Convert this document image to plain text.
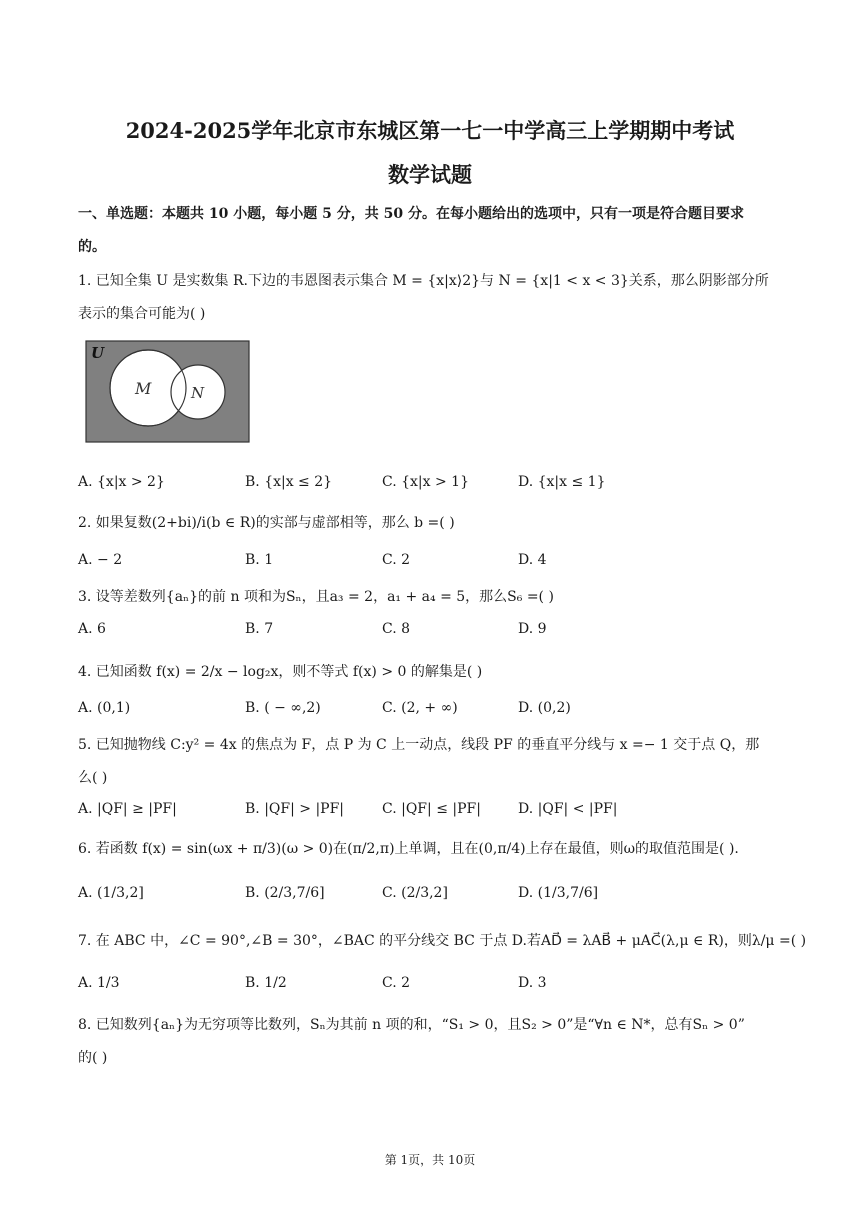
2024-2025学年北京市东城区第一七一中学高三上学期期中考试
数学试题
一、单选题：本题共 10 小题，每小题 5 分，共 50 分。在每小题给出的选项中，只有一项是符合题目要求
的。
1. 已知全集 U 是实数集 R.下边的韦恩图表示集合 M = {x|x⟩2}与 N = {x|1 < x < 3}关系，那么阴影部分所
表示的集合可能为( )
U
M	N
A. {x|x > 2}	B. {x|x ≤ 2}	C. {x|x > 1}	D. {x|x ≤ 1}
2. 如果复数(2+bi)/i(b ∈ R)的实部与虚部相等，那么 b =( )
A. − 2	B. 1	C. 2	D. 4
3. 设等差数列{aₙ}的前 n 项和为Sₙ，且a₃ = 2，a₁ + a₄ = 5，那么S₆ =( )
A. 6	B. 7	C. 8	D. 9
4. 已知函数 f(x) = 2/x − log₂x，则不等式 f(x) > 0 的解集是( )
A. (0,1)	B. ( − ∞,2)	C. (2, + ∞)	D. (0,2)
5. 已知抛物线 C:y² = 4x 的焦点为 F，点 P 为 C 上一动点，线段 PF 的垂直平分线与 x =− 1 交于点 Q，那
么( )
A. |QF| ≥ |PF|	B. |QF| > |PF|	C. |QF| ≤ |PF|	D. |QF| < |PF|
6. 若函数 f(x) = sin(ωx + π/3)(ω > 0)在(π/2,π)上单调，且在(0,π/4)上存在最值，则ω的取值范围是( ).
A. (1/3,2]	B. (2/3,7/6]	C. (2/3,2]	D. (1/3,7/6]
7. 在 ABC 中，∠C = 90°,∠B = 30°，∠BAC 的平分线交 BC 于点 D.若AD⃗ = λAB⃗ + μAC⃗(λ,μ ∈ R)，则λ/μ =( )
A. 1/3	B. 1/2	C. 2	D. 3
8. 已知数列{aₙ}为无穷项等比数列，Sₙ为其前 n 项的和，“S₁ > 0，且S₂ > 0”是“∀n ∈ N*，总有Sₙ > 0”
的( )
第 1页，共 10页
